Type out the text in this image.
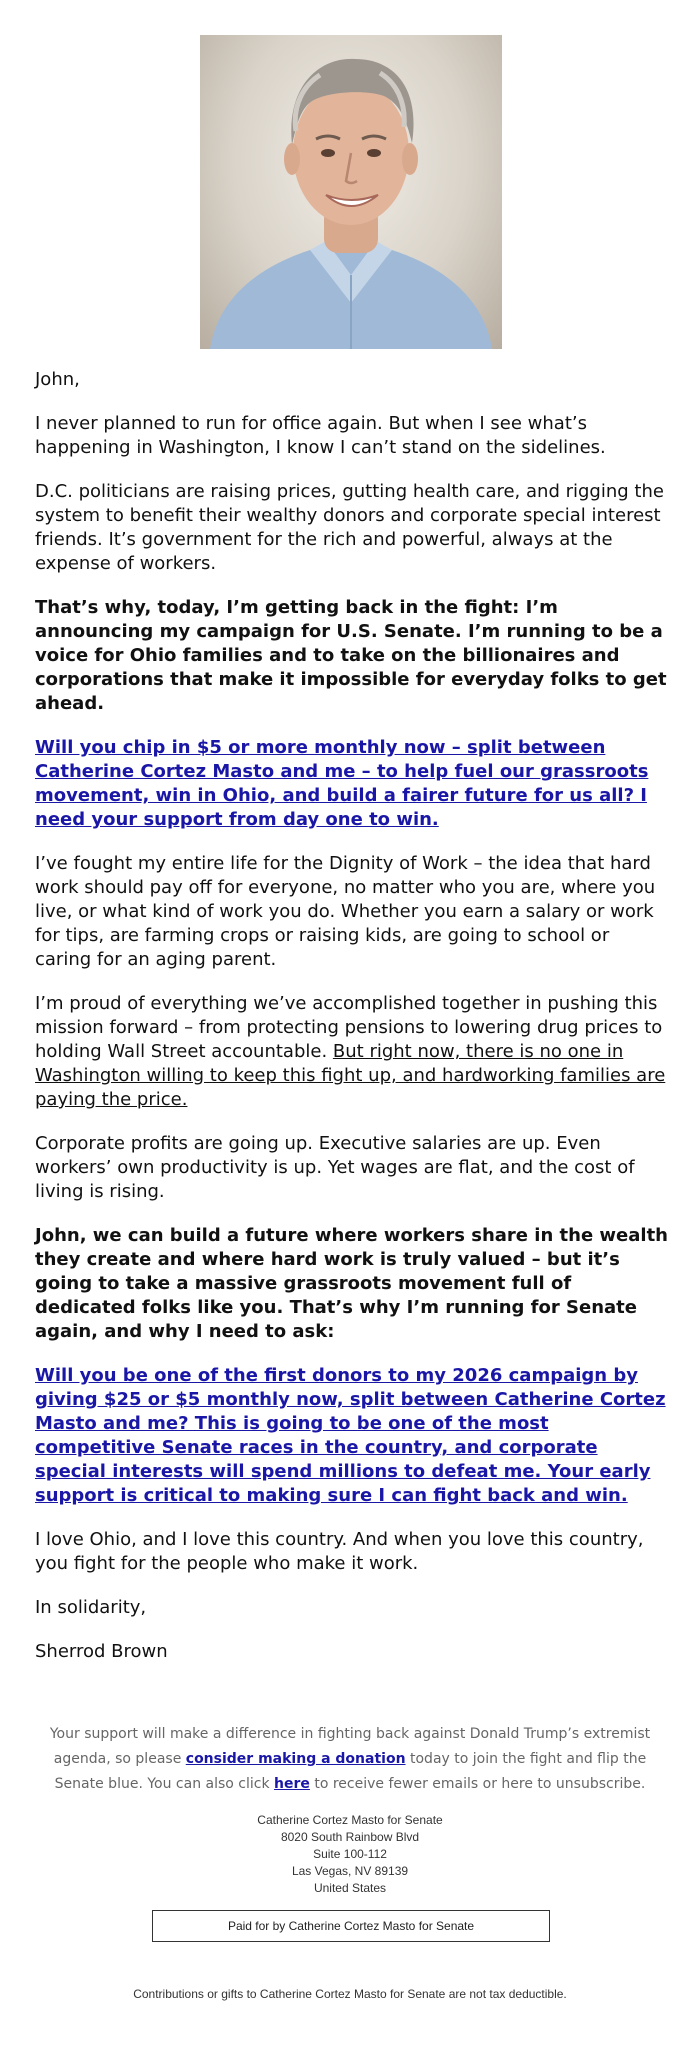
John,

I never planned to run for office again. But when I see what’s happening in Washington, I know I can’t stand on the sidelines.

D.C. politicians are raising prices, gutting health care, and rigging the system to benefit their wealthy donors and corporate special interest friends. It’s government for the rich and powerful, always at the expense of workers.

That’s why, today, I’m getting back in the fight: I’m announcing my campaign for U.S. Senate. I’m running to be a voice for Ohio families and to take on the billionaires and corporations that make it impossible for everyday folks to get ahead.

Will you chip in $5 or more monthly now – split between Catherine Cortez Masto and me – to help fuel our grassroots movement, win in Ohio, and build a fairer future for us all? I need your support from day one to win.

I’ve fought my entire life for the Dignity of Work – the idea that hard work should pay off for everyone, no matter who you are, where you live, or what kind of work you do. Whether you earn a salary or work for tips, are farming crops or raising kids, are going to school or caring for an aging parent.

I’m proud of everything we’ve accomplished together in pushing this mission forward – from protecting pensions to lowering drug prices to holding Wall Street accountable. But right now, there is no one in Washington willing to keep this fight up, and hardworking families are paying the price.

Corporate profits are going up. Executive salaries are up. Even workers’ own productivity is up. Yet wages are flat, and the cost of living is rising.

John, we can build a future where workers share in the wealth they create and where hard work is truly valued – but it’s going to take a massive grassroots movement full of dedicated folks like you. That’s why I’m running for Senate again, and why I need to ask:

Will you be one of the first donors to my 2026 campaign by giving $25 or $5 monthly now, split between Catherine Cortez Masto and me? This is going to be one of the most competitive Senate races in the country, and corporate special interests will spend millions to defeat me. Your early support is critical to making sure I can fight back and win.

I love Ohio, and I love this country. And when you love this country, you fight for the people who make it work.

In solidarity,

Sherrod Brown

Your support will make a difference in fighting back against Donald Trump’s extremist agenda, so please consider making a donation today to join the fight and flip the Senate blue. You can also click here to receive fewer emails or here to unsubscribe.
Catherine Cortez Masto for Senate
8020 South Rainbow Blvd
Suite 100-112
Las Vegas, NV 89139
United States
Paid for by Catherine Cortez Masto for Senate
Contributions or gifts to Catherine Cortez Masto for Senate are not tax deductible.
